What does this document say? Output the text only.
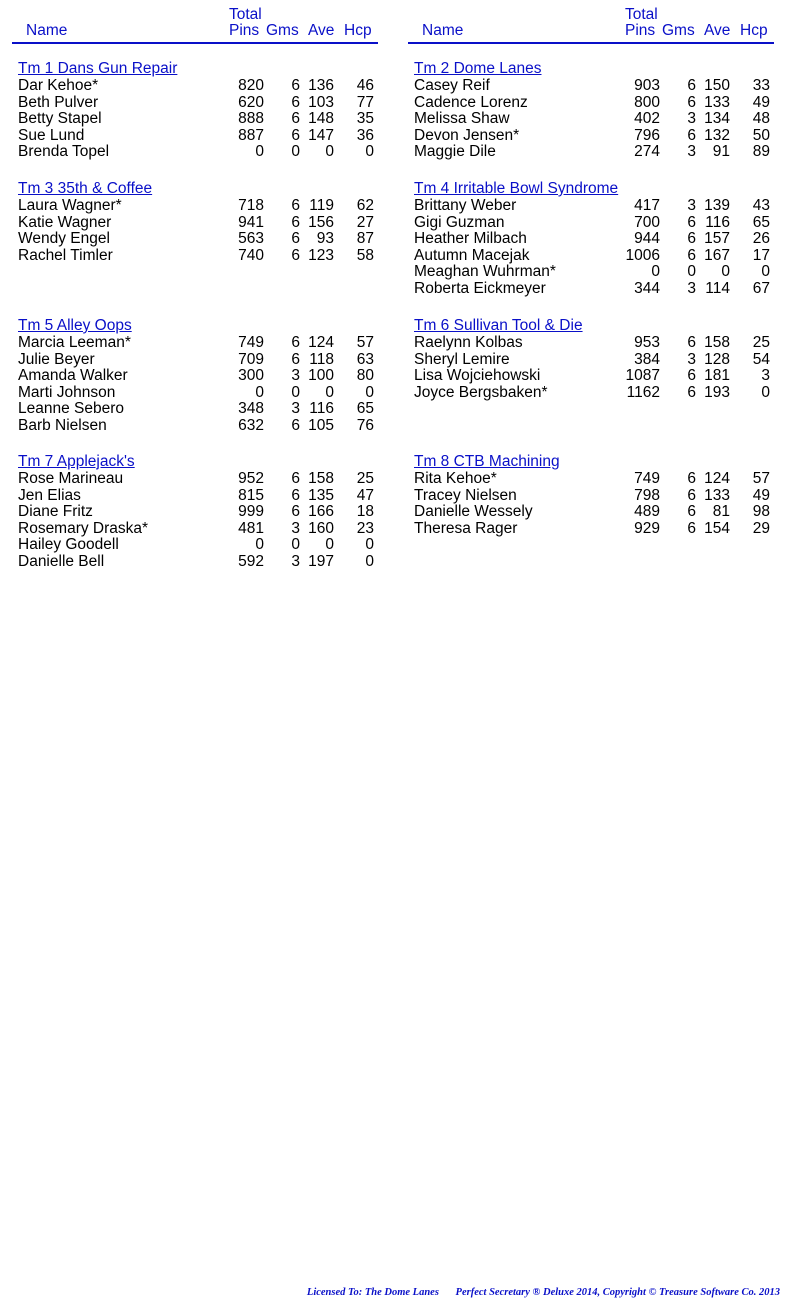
Total
Name	Pins Gms Ave Hcp
Tm 1 Dans Gun Repair
Dar Kehoe*	820 6 136 46
Beth Pulver	620 6 103 77
Betty Stapel	888 6 148 35
Sue Lund	887 6 147 36
Brenda Topel	0 0 0 0
Tm 3 35th & Coffee
Laura Wagner*	718 6 119 62
Katie Wagner	941 6 156 27
Wendy Engel	563 6 93 87
Rachel Timler	740 6 123 58
Tm 5 Alley Oops
Marcia Leeman*	749 6 124 57
Julie Beyer	709 6 118 63
Amanda Walker	300 3 100 80
Marti Johnson	0 0 0 0
Leanne Sebero	348 3 116 65
Barb Nielsen	632 6 105 76
Tm 7 Applejack's
Rose Marineau	952 6 158 25
Jen Elias	815 6 135 47
Diane Fritz	999 6 166 18
Rosemary Draska*	481 3 160 23
Hailey Goodell	0 0 0 0
Danielle Bell	592 3 197 0
Total
Name	Pins Gms Ave Hcp
Tm 2 Dome Lanes
Casey Reif	903 6 150 33
Cadence Lorenz	800 6 133 49
Melissa Shaw	402 3 134 48
Devon Jensen*	796 6 132 50
Maggie Dile	274 3 91 89
Tm 4 Irritable Bowl Syndrome
Brittany Weber	417 3 139 43
Gigi Guzman	700 6 116 65
Heather Milbach	944 6 157 26
Autumn Macejak	1006 6 167 17
Meaghan Wuhrman*	0 0 0 0
Roberta Eickmeyer	344 3 114 67
Tm 6 Sullivan Tool & Die
Raelynn Kolbas	953 6 158 25
Sheryl Lemire	384 3 128 54
Lisa Wojciehowski	1087 6 181 3
Joyce Bergsbaken*	1162 6 193 0
Tm 8 CTB Machining
Rita Kehoe*	749 6 124 57
Tracey Nielsen	798 6 133 49
Danielle Wessely	489 6 81 98
Theresa Rager	929 6 154 29
Licensed To: The Dome Lanes Perfect Secretary ® Deluxe 2014, Copyright © Treasure Software Co. 2013
